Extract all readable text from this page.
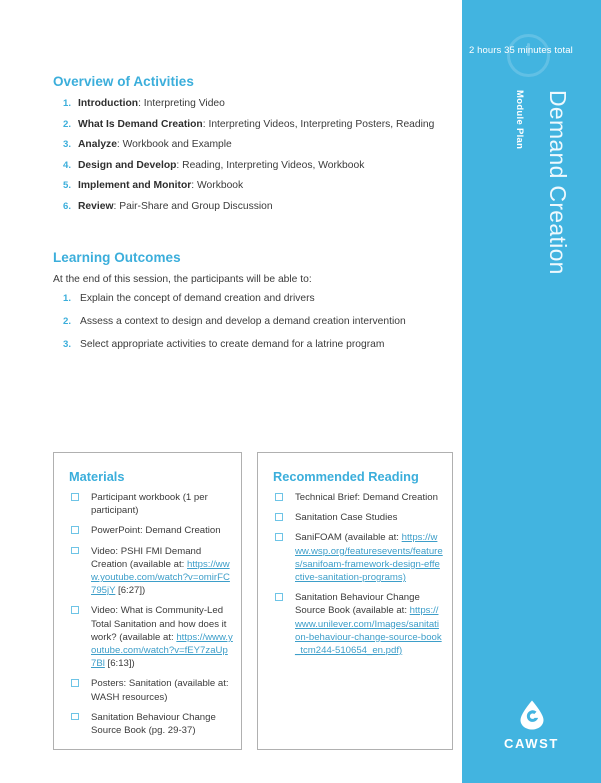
Overview of Activities
1. Introduction: Interpreting Video
2. What Is Demand Creation: Interpreting Videos, Interpreting Posters, Reading
3. Analyze: Workbook and Example
4. Design and Develop: Reading, Interpreting Videos, Workbook
5. Implement and Monitor: Workbook
6. Review: Pair-Share and Group Discussion
Learning Outcomes
At the end of this session, the participants will be able to:
1. Explain the concept of demand creation and drivers
2. Assess a context to design and develop a demand creation intervention
3. Select appropriate activities to create demand for a latrine program
Materials
Participant workbook (1 per participant)
PowerPoint: Demand Creation
Video: PSHI FMI Demand Creation (available at: https://www.youtube.com/watch?v=omirFC795jY [6:27])
Video: What is Community-Led Total Sanitation and how does it work? (available at: https://www.youtube.com/watch?v=fEY7zaUp7Bl [6:13])
Posters: Sanitation (available at: WASH resources)
Sanitation Behaviour Change Source Book (pg. 29-37)
Recommended Reading
Technical Brief: Demand Creation
Sanitation Case Studies
SaniFOAM (available at: https://www.wsp.org/featuresevents/features/sanifoam-framework-design-effective-sanitation-programs)
Sanitation Behaviour Change Source Book (available at: https://www.unilever.com/Images/sanitation-behaviour-change-source-book_tcm244-510654_en.pdf)
2 hours 35 minutes total
Module Plan Demand Creation
CAWST
